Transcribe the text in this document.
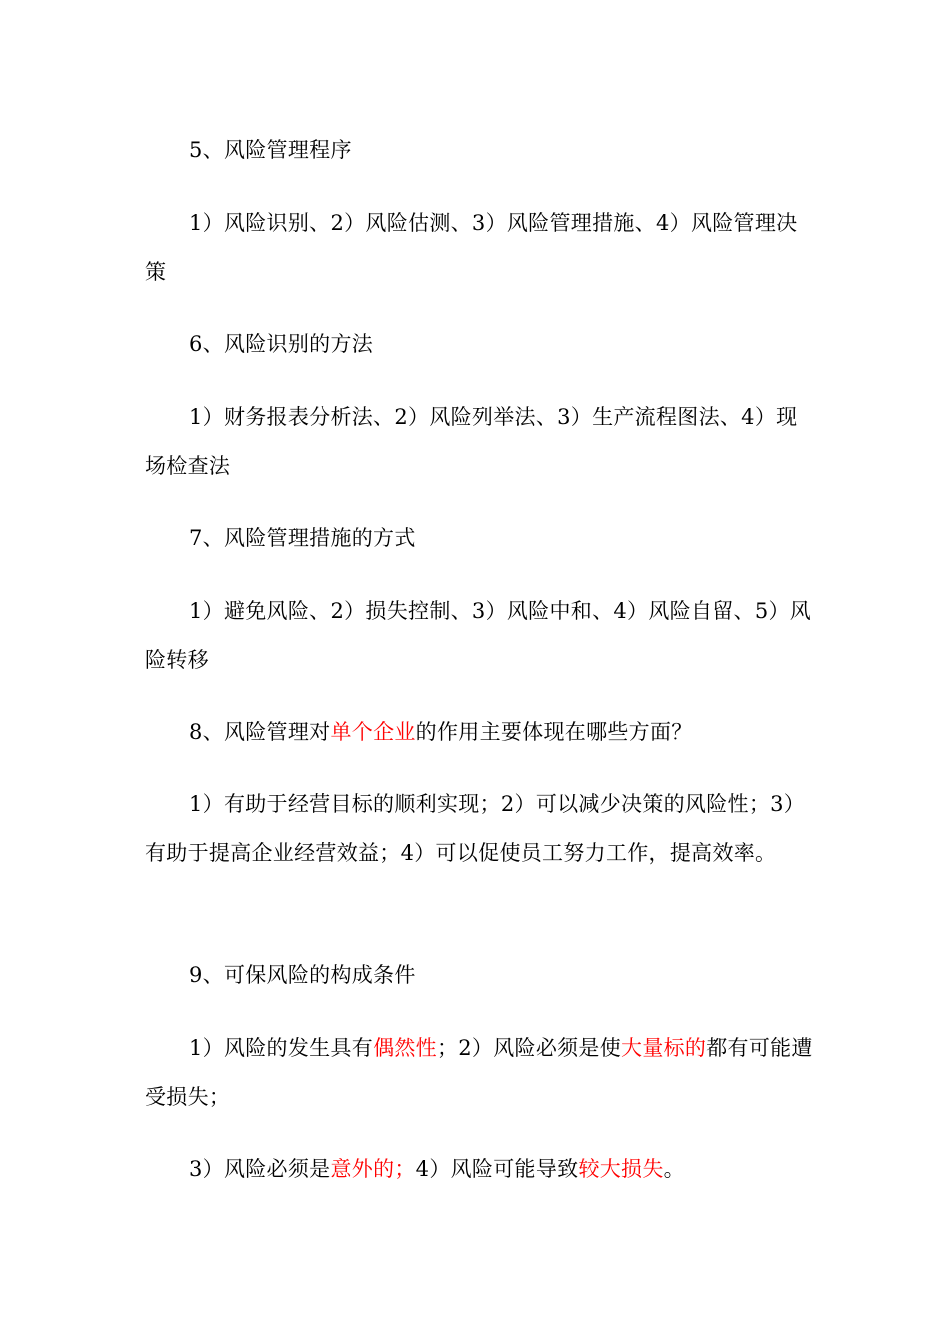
5、风险管理程序

1）风险识别、2）风险估测、3）风险管理措施、4）风险管理决策

6、风险识别的方法

1）财务报表分析法、2）风险列举法、3）生产流程图法、4）现场检查法

7、风险管理措施的方式

1）避免风险、2）损失控制、3）风险中和、4）风险自留、5）风险转移

8、风险管理对单个企业的作用主要体现在哪些方面？

1）有助于经营目标的顺利实现；2）可以减少决策的风险性；3）有助于提高企业经营效益；4）可以促使员工努力工作，提高效率。

9、可保风险的构成条件

1）风险的发生具有偶然性；2）风险必须是使大量标的都有可能遭受损失；

3）风险必须是意外的；4）风险可能导致较大损失。
